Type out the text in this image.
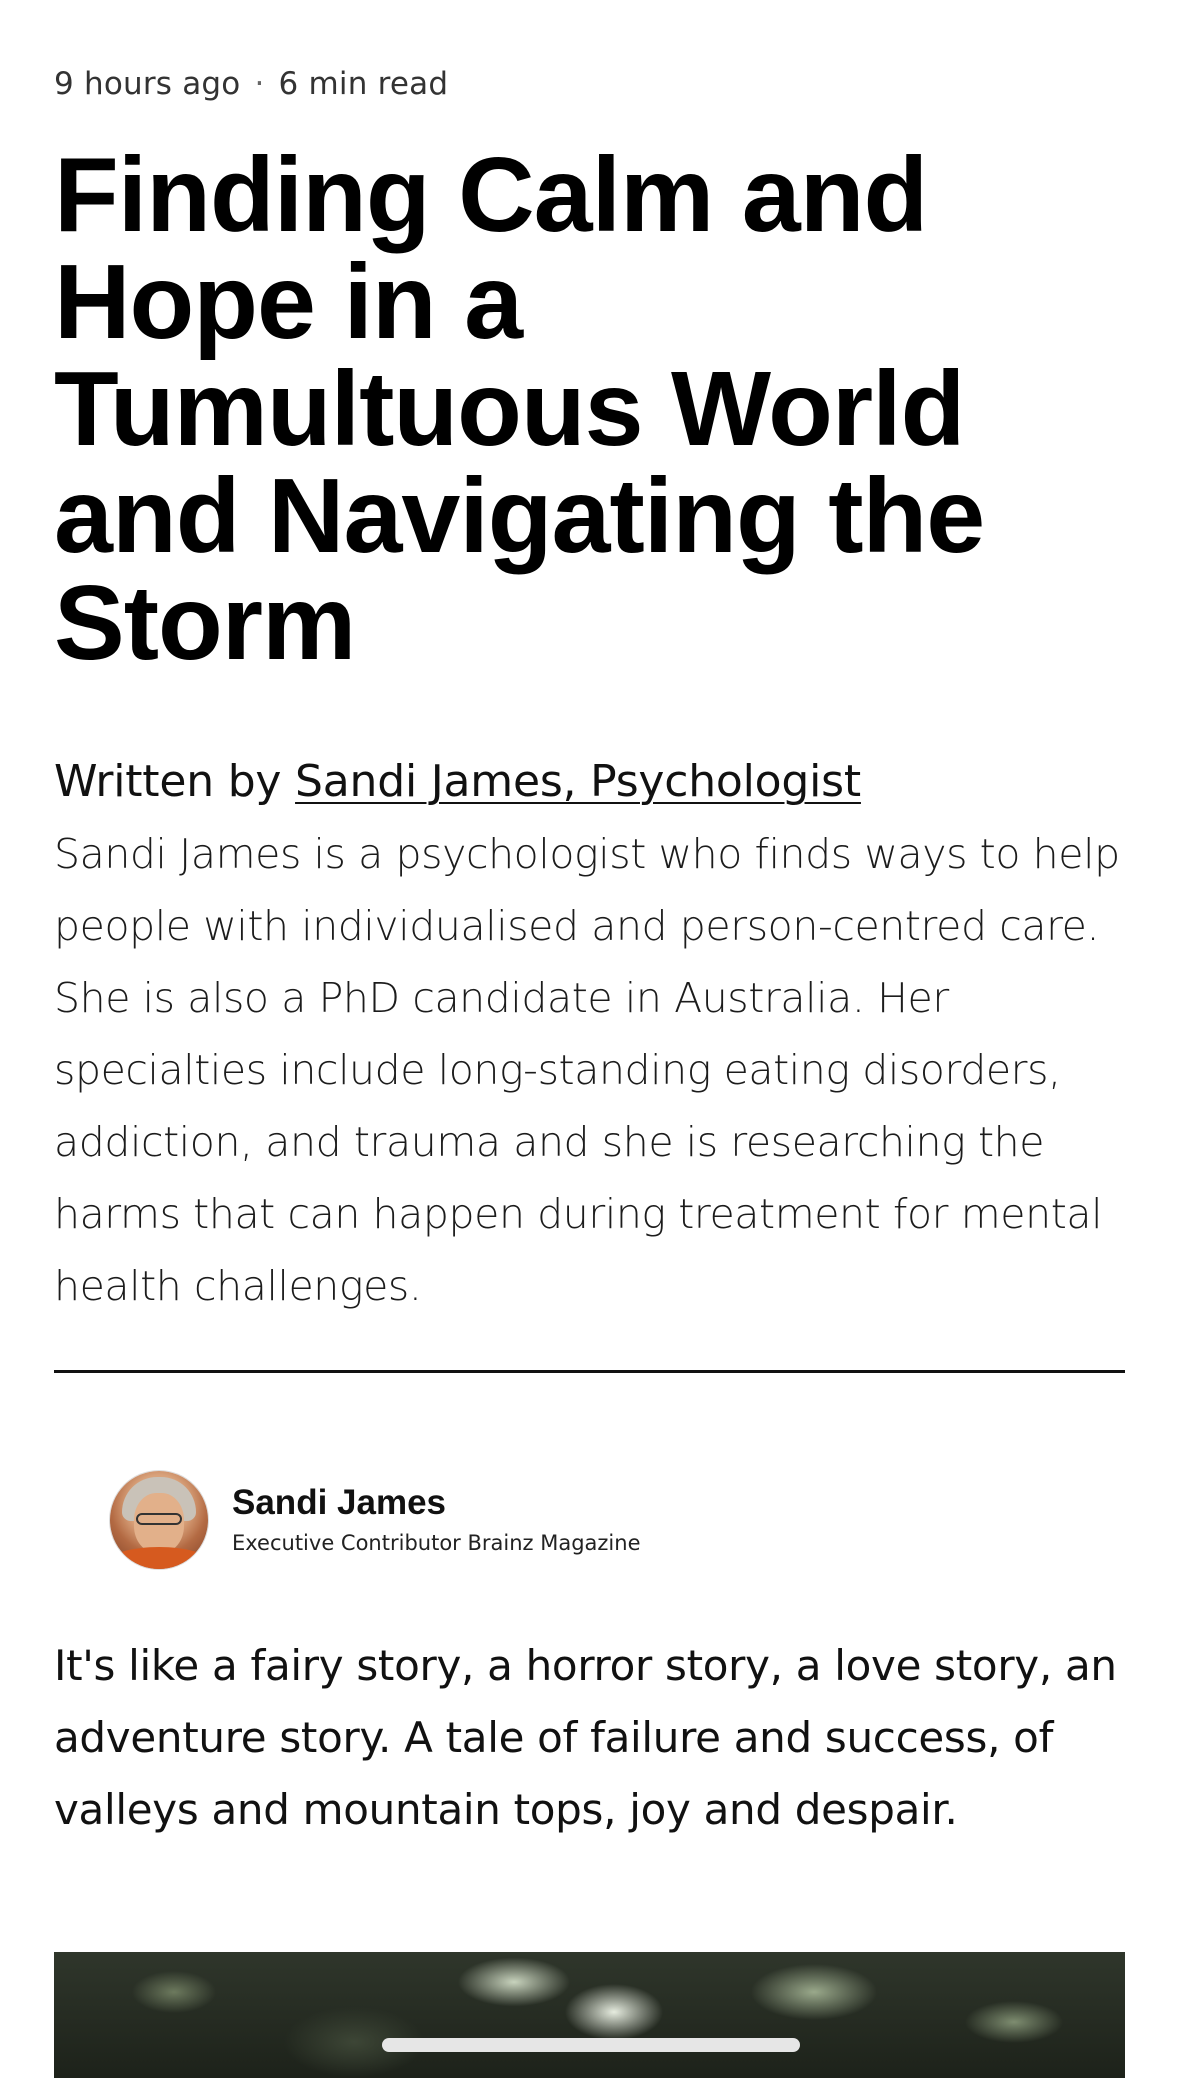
9 hours ago · 6 min read
Finding Calm and Hope in a Tumultuous World and Navigating the Storm
Written by Sandi James, Psychologist

Sandi James is a psychologist who finds ways to help people with individualised and person-centred care. She is also a PhD candidate in Australia. Her specialties include long-standing eating disorders, addiction, and trauma and she is researching the harms that can happen during treatment for mental health challenges.

Sandi James
Executive Contributor Brainz Magazine

It's like a fairy story, a horror story, a love story, an adventure story. A tale of failure and success, of valleys and mountain tops, joy and despair.
